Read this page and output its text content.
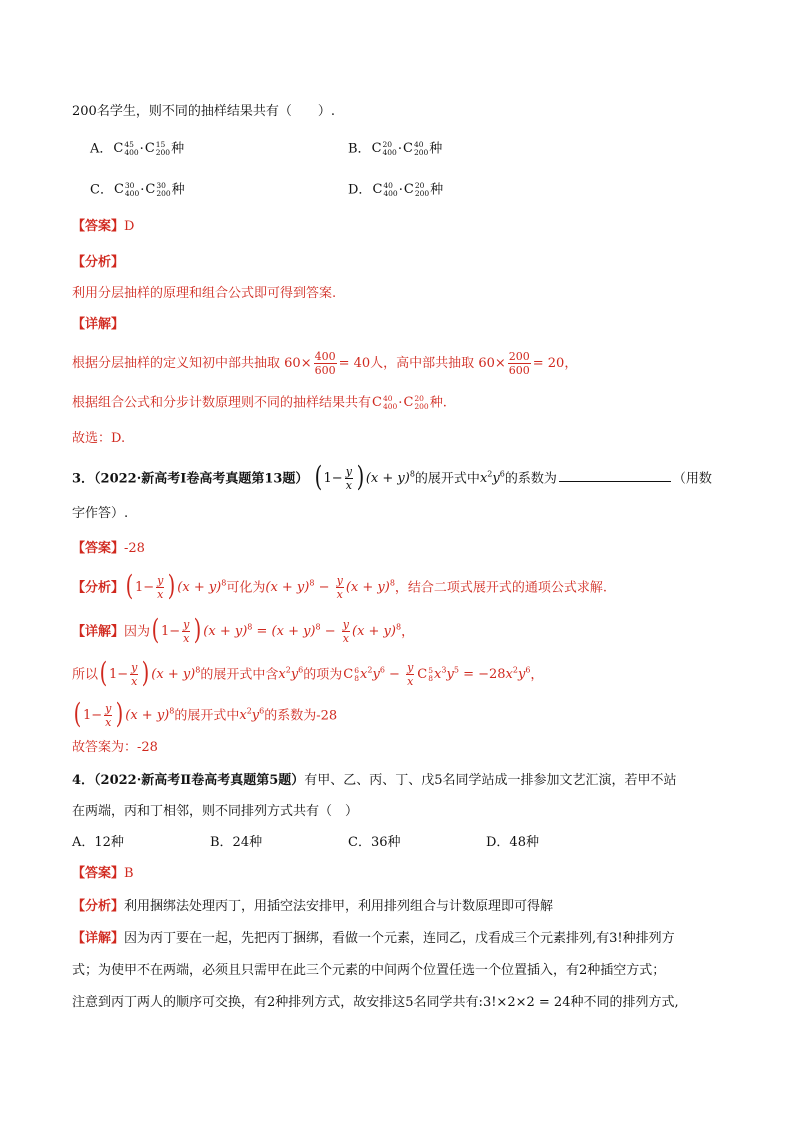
200名学生，则不同的抽样结果共有（　　）.
A． C 45
400 · C 15
200 种	B． C 20
400 · C 40
200 种
C． C 30
400 · C 30
200 种	D． C 40
400 · C 20
200 种
【答案】D
【分析】
利用分层抽样的原理和组合公式即可得到答案.
【详解】
根据分层抽样的定义知初中部共抽取 $60\times \frac{400}{600} = 40$人，高中部共抽取 $60\times \frac{200}{600} = 20$，
根据组合公式和分步计数原理则不同的抽样结果共有 C 40
400 · C 20
200 种.
故选：D.
3．（2022·新高考Ⅰ卷高考真题第13题） ( $1- \frac{y}{x}$ ) $(x + y)^8$的展开式中$x^2y^6$的系数为	（用数
字作答）.
【答案】-28
【分析】( $1- \frac{y}{x}$ ) $(x + y)^8$可化为$(x + y)^8 - \frac{y}{x} (x + y)^8$，结合二项式展开式的通项公式求解.
【详解】因为( $1- \frac{y}{x}$ ) $(x + y)^8 = (x + y)^8 - \frac{y}{x} (x + y)^8$，
所以( $1- \frac{y}{x}$ ) $(x + y)^8$的展开式中含$x^2y^6$的项为C 6
8 $x^2y^6 - \frac{y}{x}$ C 5
8 $x^3y^5 = -28x^2y^6$，
( $1- \frac{y}{x}$ ) $(x + y)^8$的展开式中$x^2y^6$的系数为-28
故答案为：-28
4．（2022·新高考Ⅱ卷高考真题第5题）有甲、乙、丙、丁、戊5名同学站成一排参加文艺汇演，若甲不站
在两端，丙和丁相邻，则不同排列方式共有（　）
A．12种	B．24种	C．36种	D．48种
【答案】B
【分析】利用捆绑法处理丙丁，用插空法安排甲，利用排列组合与计数原理即可得解
【详解】因为丙丁要在一起，先把丙丁捆绑，看做一个元素，连同乙，戊看成三个元素排列,有3!种排列方
式；为使甲不在两端，必须且只需甲在此三个元素的中间两个位置任选一个位置插入，有2种插空方式；
注意到丙丁两人的顺序可交换，有2种排列方式，故安排这5名同学共有:3!×2×2 = 24种不同的排列方式,
